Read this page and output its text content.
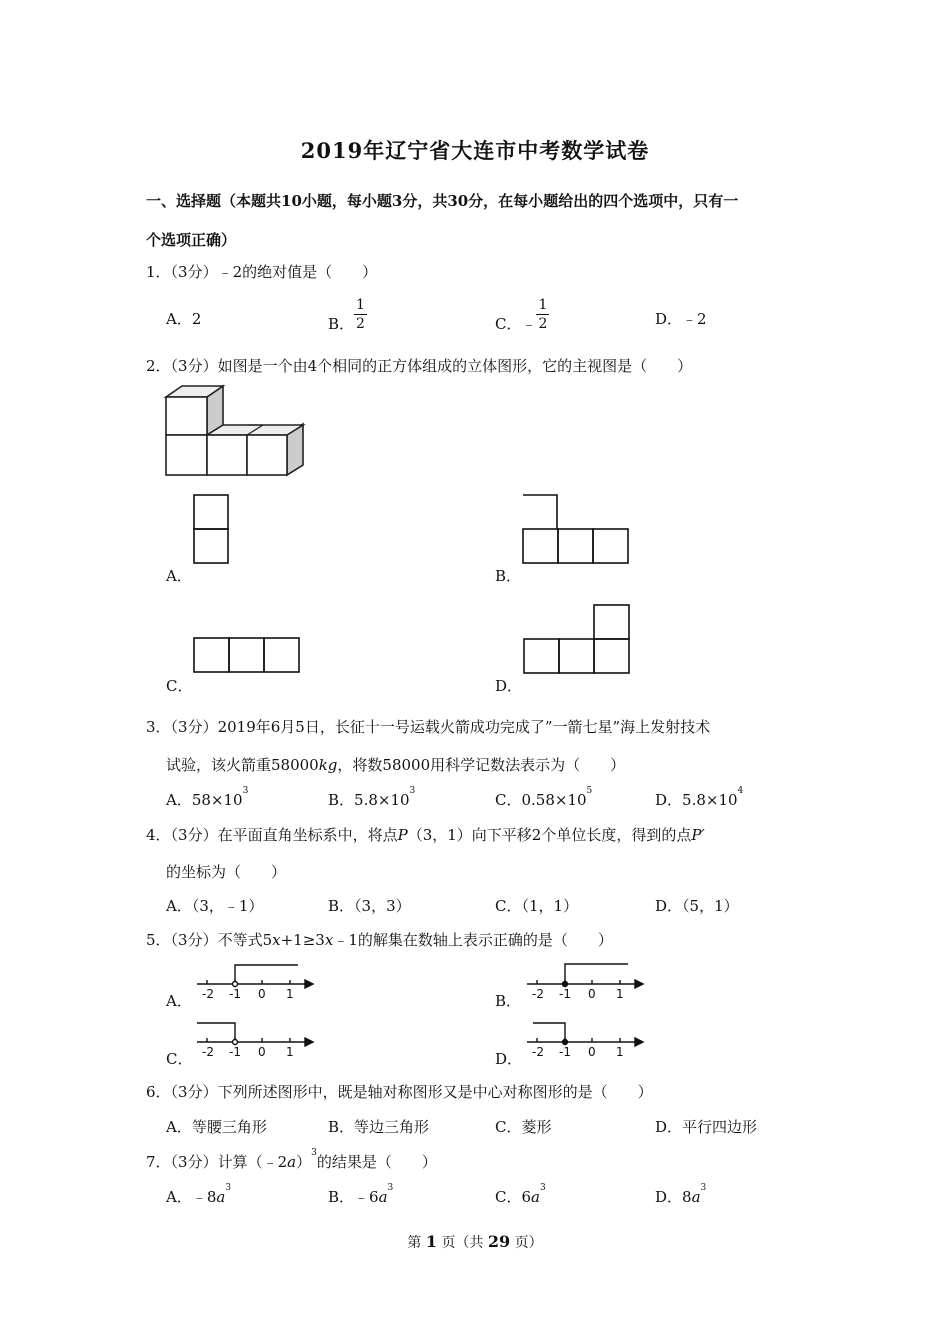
2019年辽宁省大连市中考数学试卷
一、选择题（本题共10小题，每小题3分，共30分，在每小题给出的四个选项中，只有一
个选项正确）
1．（3分）﹣2的绝对值是（　　）
A．2	B． $\frac{1}{2}$	C．﹣ $\frac{1}{2}$	D．﹣2
2．（3分）如图是一个由4个相同的正方体组成的立体图形，它的主视图是（　　）
A．	B．
C．	D．
3．（3分）2019年6月5日，长征十一号运载火箭成功完成了”一箭七星”海上发射技术
试验，该火箭重58000kg，将数58000用科学记数法表示为（　　）
A．$58\times 10^3$	B．$5.8\times 10^3$	C．$0.58\times 10^5$	D．$5.8\times 10^4$
4．（3分）在平面直角坐标系中，将点P（3，1）向下平移2个单位长度，得到的点P′
的坐标为（　　）
A．（3，﹣1）	B．（3，3）	C．（1，1）	D．（5，1）
5．（3分）不等式5x+1≥3x﹣1的解集在数轴上表示正确的是（　　）
A． -2 -1 0 1	B． -2 -1 0 1
C． -2 -1 0 1	D． -2 -1 0 1
6．（3分）下列所述图形中，既是轴对称图形又是中心对称图形的是（　　）
A．等腰三角形	B．等边三角形	C．菱形	D．平行四边形
7．（3分）计算（﹣2a）$^3$的结果是（　　）
A．$﹣8a^3$	B．$﹣6a^3$	C．$6a^3$	D．$8a^3$
第 1 页（共 29 页）
